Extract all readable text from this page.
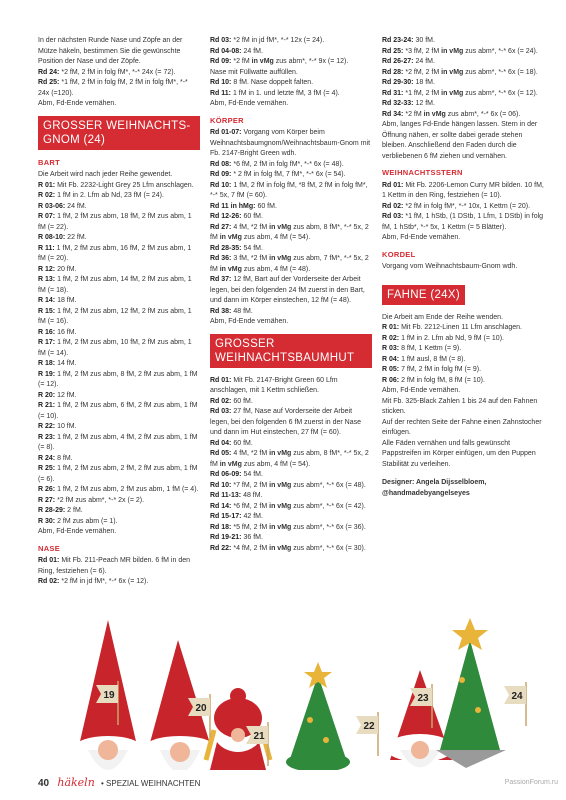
In der nächsten Runde Nase und Zöpfe an der Mütze häkeln, bestimmen Sie die gewünschte Position der Nase und der Zöpfe.

Rd 24: *2 fM, 2 fM in folg fM*, *-* 24x (= 72).

Rd 25: *1 fM, 2 fM in folg fM, 2 fM in folg fM*, *-* 24x (=120).

Abm, Fd-Ende vernähen.

GROSSER WEIHNACHTS-GNOM (24)
BART

Die Arbeit wird nach jeder Reihe gewendet.

R 01: Mit Fb. 2232-Light Grey 25 Lfm anschlagen.

R 02: 1 fM in 2. Lfm ab Nd, 23 fM (= 24).

R 03-06: 24 fM.

R 07: 1 fM, 2 fM zus abm, 18 fM, 2 fM zus abm, 1 fM (= 22).

R 08-10: 22 fM.

R 11: 1 fM, 2 fM zus abm, 16 fM, 2 fM zus abm, 1 fM (= 20).

R 12: 20 fM.

R 13: 1 fM, 2 fM zus abm, 14 fM, 2 fM zus abm, 1 fM (= 18).

R 14: 18 fM.

R 15: 1 fM, 2 fM zus abm, 12 fM, 2 fM zus abm, 1 fM (= 16).

R 16: 16 fM.

R 17: 1 fM, 2 fM zus abm, 10 fM, 2 fM zus abm, 1 fM (= 14).

R 18: 14 fM.

R 19: 1 fM, 2 fM zus abm, 8 fM, 2 fM zus abm, 1 fM (= 12).

R 20: 12 fM.

R 21: 1 fM, 2 fM zus abm, 6 fM, 2 fM zus abm, 1 fM (= 10).

R 22: 10 fM.

R 23: 1 fM, 2 fM zus abm, 4 fM, 2 fM zus abm, 1 fM (= 8).

R 24: 8 fM.

R 25: 1 fM, 2 fM zus abm, 2 fM, 2 fM zus abm, 1 fM (= 6).

R 26: 1 fM, 2 fM zus abm, 2 fM zus abm, 1 fM (= 4).

R 27: *2 fM zus abm*, *-* 2x (= 2).

R 28-29: 2 fM.

R 30: 2 fM zus abm (= 1).

Abm, Fd-Ende vernähen.

NASE

Rd 01: Mit Fb. 211-Peach MR bilden. 6 fM in den Ring, festziehen (= 6).

Rd 02: *2 fM in jd fM*, *-* 6x (= 12).

Rd 03: *2 fM in jd fM*, *-* 12x (= 24).

Rd 04-08: 24 fM.

Rd 09: *2 fM in vMg zus abm*, *-* 9x (= 12).

Nase mit Füllwatte auffüllen.

Rd 10: 8 fM. Nase doppelt falten.

Rd 11: 1 fM in 1. und letzte fM, 3 fM (= 4).

Abm, Fd-Ende vernähen.

KÖRPER

Rd 01-07: Vorgang vom Körper beim Weihnachtsbaumgnom/Weihnachtsbaum-Gnom mit Fb. 2147-Bright Green wdh.

Rd 08: *6 fM, 2 fM in folg fM*, *-* 6x (= 48).

Rd 09: * 2 fM in folg fM, 7 fM*, *-* 6x (= 54).

Rd 10: 1 fM, 2 fM in folg fM, *8 fM, 2 fM in folg fM*, *-* 5x, 7 fM (= 60).

Rd 11 in hMg: 60 fM.

Rd 12-26: 60 fM.

Rd 27: 4 fM, *2 fM in vMg zus abm, 8 fM*, *-* 5x, 2 fM in vMg zus abm, 4 fM (= 54).

Rd 28-35: 54 fM.

Rd 36: 3 fM, *2 fM in vMg zus abm, 7 fM*, *-* 5x, 2 fM in vMg zus abm, 4 fM (= 48).

Rd 37: 12 fM, Bart auf der Vorderseite der Arbeit legen, bei den folgenden 24 fM zuerst in den Bart, und dann im Körper einstechen, 12 fM (= 48).

Rd 38: 48 fM.

Abm, Fd-Ende vernähen.

GROSSER WEIHNACHTSBAUMHUT

Rd 01: Mit Fb. 2147-Bright Green 60 Lfm anschlagen, mit 1 Kettm schließen.

Rd 02: 60 fM.

Rd 03: 27 fM, Nase auf Vorderseite der Arbeit legen, bei den folgenden 6 fM zuerst in der Nase und dann im Hut einstechen, 27 fM (= 60).

Rd 04: 60 fM.

Rd 05: 4 fM, *2 fM in vMg zus abm, 8 fM*, *-* 5x, 2 fM in vMg zus abm, 4 fM (= 54).

Rd 06-09: 54 fM.

Rd 10: *7 fM, 2 fM in vMg zus abm*, *-* 6x (= 48).

Rd 11-13: 48 fM.

Rd 14: *6 fM, 2 fM in vMg zus abm*, *-* 6x (= 42).

Rd 15-17: 42 fM.

Rd 18: *5 fM, 2 fM in vMg zus abm*, *-* 6x (= 36).

Rd 19-21: 36 fM.

Rd 22: *4 fM, 2 fM in vMg zus abm*, *-* 6x (= 30).

Rd 23-24: 30 fM.

Rd 25: *3 fM, 2 fM in vMg zus abm*, *-* 6x (= 24).

Rd 26-27: 24 fM.

Rd 28: *2 fM, 2 fM in vMg zus abm*, *-* 6x (= 18).

Rd 29-30: 18 fM.

Rd 31: *1 fM, 2 fM in vMg zus abm*, *-* 6x (= 12).

Rd 32-33: 12 fM.

Rd 34: *2 fM in vMg zus abm*, *-* 6x (= 06).

Abm, langes Fd-Ende hängen lassen. Stern in der Öffnung nähen, er sollte dabei gerade stehen bleiben. Anschließend den Faden durch die verbliebenen 6 fM ziehen und vernähen.

WEIHNACHTSSTERN

Rd 01: Mit Fb. 2206-Lemon Curry MR bilden. 10 fM, 1 Kettm in den Ring, festziehen (= 10).

Rd 02: *2 fM in folg fM*, *-* 10x, 1 Kettm (= 20).

Rd 03: *1 fM, 1 hStb, (1 DStb, 1 Lfm, 1 DStb) in folg fM, 1 hStb*, *-* 5x, 1 Kettm (= 5 Blätter).

Abm, Fd-Ende vernähen.

KORDEL

Vorgang vom Weihnachtsbaum-Gnom wdh.

FAHNE (24X)

Die Arbeit am Ende der Reihe wenden.

R 01: Mit Fb. 2212-Linen 11 Lfm anschlagen.

R 02: 1 fM in 2. Lfm ab Nd, 9 fM (= 10).

R 03: 8 fM, 1 Kettm (= 9).

R 04: 1 fM ausl, 8 fM (= 8).

R 05: 7 fM, 2 fM in folg fM (= 9).

R 06: 2 fM in folg fM, 8 fM (= 10).

Abm, Fd-Ende vernähen.

Mit Fb. 325-Black Zahlen 1 bis 24 auf den Fahnen sticken.

Auf der rechten Seite der Fahne einen Zahnstocher einfügen.

Alle Fäden vernähen und falls gewünscht Pappstreifen im Körper einfügen, um den Puppen Stabilität zu verleihen.

Designer: Angela Dijsselbloem, @handmadebyangelseyes

19
20
21
22
23	24
40 häkeln • SPEZIAL WEIHNACHTEN	PassionForum.ru
